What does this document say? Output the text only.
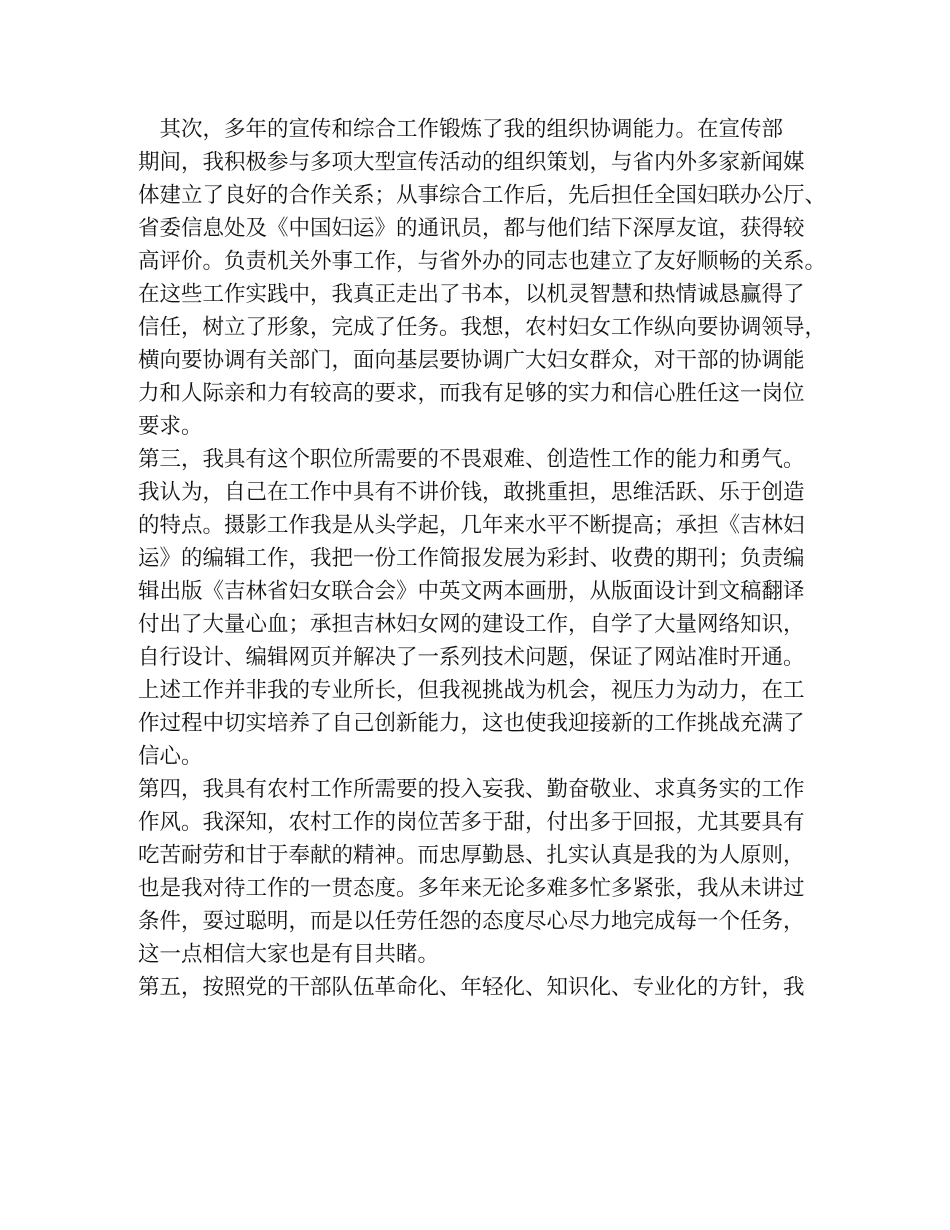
　其次，多年的宣传和综合工作锻炼了我的组织协调能力。在宣传部

期间，我积极参与多项大型宣传活动的组织策划，与省内外多家新闻媒

体建立了良好的合作关系；从事综合工作后，先后担任全国妇联办公厅、

省委信息处及《中国妇运》的通讯员，都与他们结下深厚友谊，获得较

高评价。负责机关外事工作，与省外办的同志也建立了友好顺畅的关系。

在这些工作实践中，我真正走出了书本，以机灵智慧和热情诚恳赢得了

信任，树立了形象，完成了任务。我想，农村妇女工作纵向要协调领导，

横向要协调有关部门，面向基层要协调广大妇女群众，对干部的协调能

力和人际亲和力有较高的要求，而我有足够的实力和信心胜任这一岗位

要求。

第三，我具有这个职位所需要的不畏艰难、创造性工作的能力和勇气。

我认为，自己在工作中具有不讲价钱，敢挑重担，思维活跃、乐于创造

的特点。摄影工作我是从头学起，几年来水平不断提高；承担《吉林妇

运》的编辑工作，我把一份工作简报发展为彩封、收费的期刊；负责编

辑出版《吉林省妇女联合会》中英文两本画册，从版面设计到文稿翻译

付出了大量心血；承担吉林妇女网的建设工作，自学了大量网络知识，

自行设计、编辑网页并解决了一系列技术问题，保证了网站准时开通。

上述工作并非我的专业所长，但我视挑战为机会，视压力为动力，在工

作过程中切实培养了自己创新能力，这也使我迎接新的工作挑战充满了

信心。

第四，我具有农村工作所需要的投入妄我、勤奋敬业、求真务实的工作

作风。我深知，农村工作的岗位苦多于甜，付出多于回报，尤其要具有

吃苦耐劳和甘于奉献的精神。而忠厚勤恳、扎实认真是我的为人原则，

也是我对待工作的一贯态度。多年来无论多难多忙多紧张，我从未讲过

条件，耍过聪明，而是以任劳任怨的态度尽心尽力地完成每一个任务，

这一点相信大家也是有目共睹。

第五，按照党的干部队伍革命化、年轻化、知识化、专业化的方针，我
